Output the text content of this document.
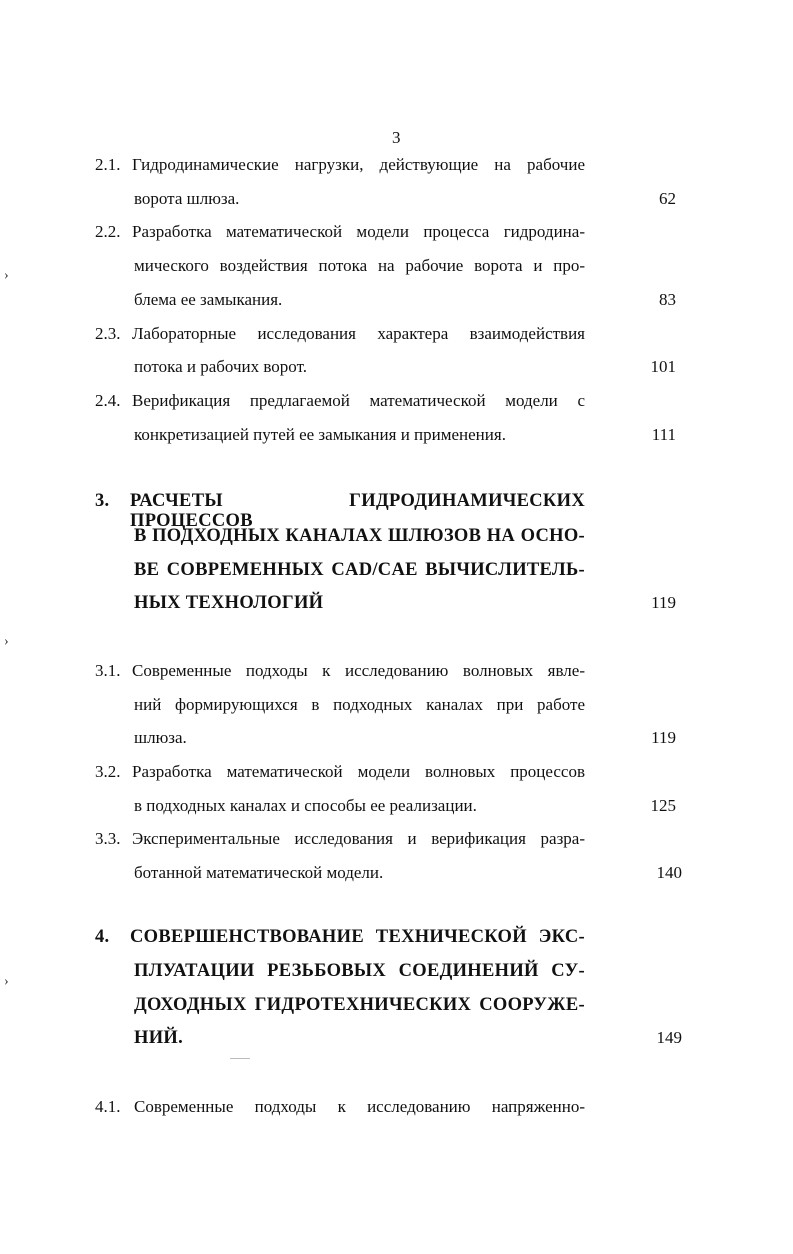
3
2.1. Гидродинамические нагрузки, действующие на рабочие
ворота шлюза.	62
2.2. Разработка математической модели процесса гидродина-
мического воздействия потока на рабочие ворота и про-
блема ее замыкания.	83
2.3. Лабораторные исследования характера взаимодействия
потока и рабочих ворот.	101
2.4. Верификация предлагаемой математической модели с
конкретизацией путей ее замыкания и применения.	111
3. РАСЧЕТЫ ГИДРОДИНАМИЧЕСКИХ ПРОЦЕССОВ
В ПОДХОДНЫХ КАНАЛАХ ШЛЮЗОВ НА ОСНО-
ВЕ СОВРЕМЕННЫХ CAD/CAE ВЫЧИСЛИТЕЛЬ-
НЫХ ТЕХНОЛОГИЙ	119
3.1. Современные подходы к исследованию волновых явле-
ний формирующихся в подходных каналах при работе
шлюза.	119
3.2. Разработка математической модели волновых процессов
в подходных каналах и способы ее реализации.	125
3.3. Экспериментальные исследования и верификация разра-
ботанной математической модели.	140
4. СОВЕРШЕНСТВОВАНИЕ ТЕХНИЧЕСКОЙ ЭКС-
ПЛУАТАЦИИ РЕЗЬБОВЫХ СОЕДИНЕНИЙ СУ-
ДОХОДНЫХ ГИДРОТЕХНИЧЕСКИХ СООРУЖЕ-
НИЙ.	149
4.1. Современные подходы к исследованию напряженно-
›
›
›
